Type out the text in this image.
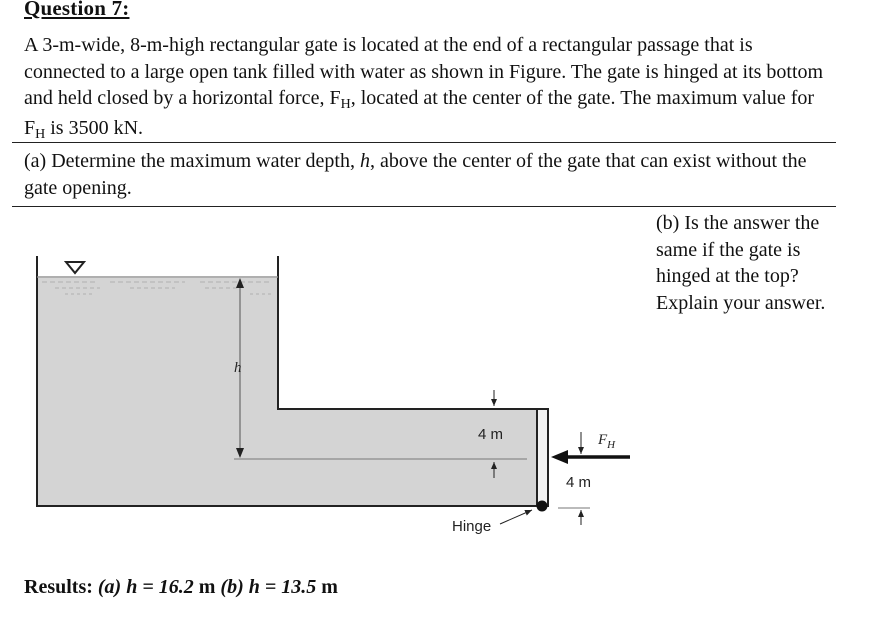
Question 7:
A 3-m-wide, 8-m-high rectangular gate is located at the end of a rectangular passage that is connected to a large open tank filled with water as shown in Figure. The gate is hinged at its bottom and held closed by a horizontal force, $F_H$, located at the center of the gate. The maximum value for $F_H$ is 3500 kN.
(a) Determine the maximum water depth, h, above the center of the gate that can exist without the gate opening.
(b) Is the answer the same if the gate is hinged at the top? Explain your answer.
h
4 m	$F_H$
4 m
Hinge
Results: (a) h = 16.2 m (b) h = 13.5 m
